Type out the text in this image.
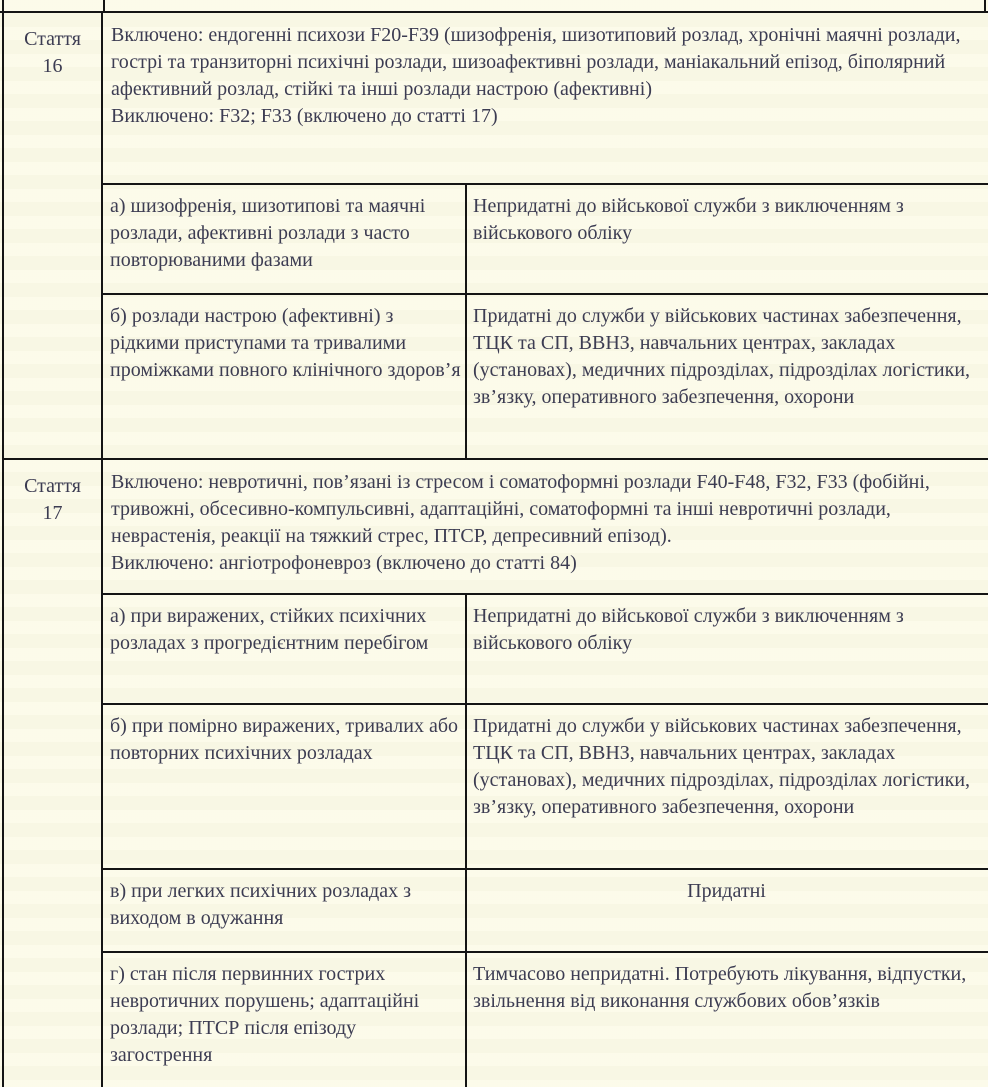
Стаття
16
Включено: ендогенні психози F20-F39 (шизофренія, шизотиповий розлад, хронічні маячні розлади, гострі та транзиторні психічні розлади, шизоафективні розлади, маніакальний епізод, біполярний афективний розлад, стійкі та інші розлади настрою (афективні)
Виключено: F32; F33 (включено до статті 17)
а) шизофренія, шизотипові та маячні розлади, афективні розлади з часто повторюваними фазами
Непридатні до військової служби з виключенням з військового обліку
б) розлади настрою (афективні) з рідкими приступами та тривалими проміжками повного клінічного здоров’я
Придатні до служби у військових частинах забезпечення, ТЦК та СП, ВВНЗ, навчальних центрах, закладах (установах), медичних підрозділах, підрозділах логістики, зв’язку, оперативного забезпечення, охорони
Стаття
17
Включено: невротичні, пов’язані із стресом і соматоформні розлади F40-F48, F32, F33 (фобійні, тривожні, обсесивно-компульсивні, адаптаційні, соматоформні та інші невротичні розлади, неврастенія, реакції на тяжкий стрес, ПТСР, депресивний епізод).
Виключено: ангіотрофоневроз (включено до статті 84)
а) при виражених, стійких психічних розладах з прогредієнтним перебігом
Непридатні до військової служби з виключенням з військового обліку
б) при помірно виражених, тривалих або повторних психічних розладах
Придатні до служби у військових частинах забезпечення, ТЦК та СП, ВВНЗ, навчальних центрах, закладах (установах), медичних підрозділах, підрозділах логістики, зв’язку, оперативного забезпечення, охорони
в) при легких психічних розладах з виходом в одужання
Придатні
г) стан після первинних гострих невротичних порушень; адаптаційні розлади; ПТСР після епізоду загострення
Тимчасово непридатні. Потребують лікування, відпустки, звільнення від виконання службових обов’язків
